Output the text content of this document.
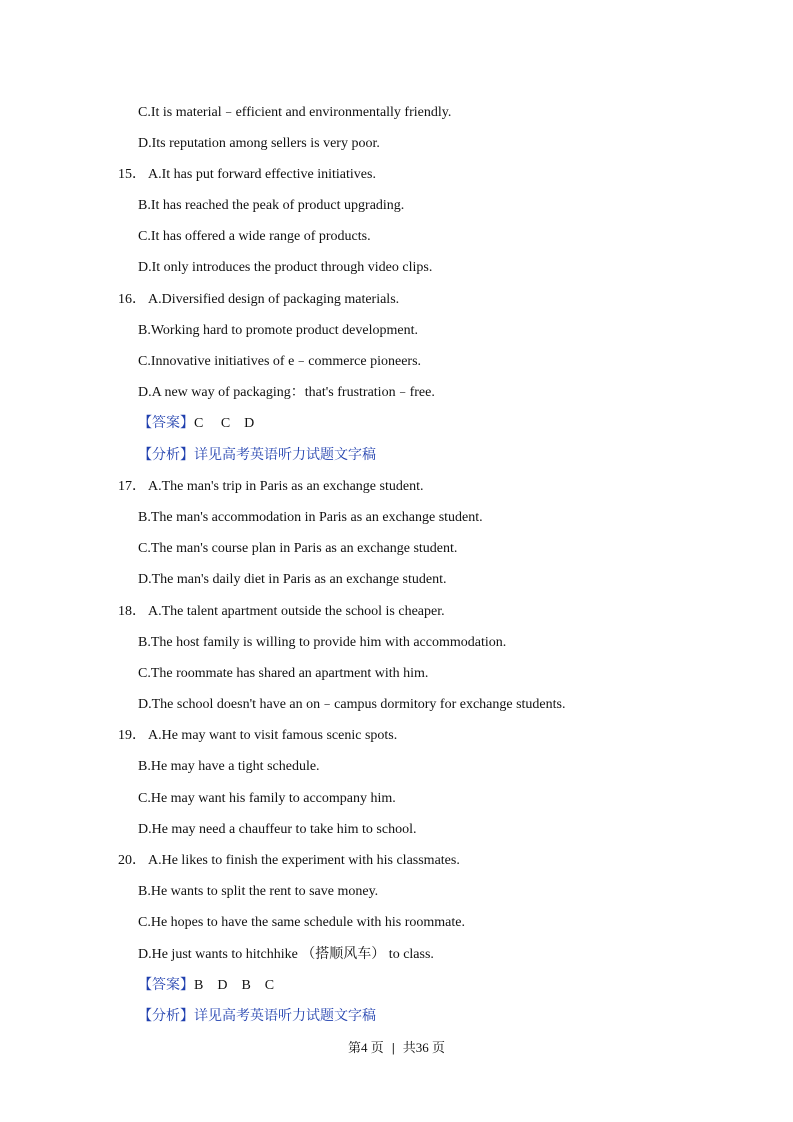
C.It is material﹣efficient and environmentally friendly.
D.Its reputation among sellers is very poor.
15． A.It has put forward effective initiatives.
B.It has reached the peak of product upgrading.
C.It has offered a wide range of products.
D.It only introduces the product through video clips.
16． A.Diversified design of packaging materials.
B.Working hard to promote product development.
C.Innovative initiatives of e﹣commerce pioneers.
D.A new way of packaging：that's frustration﹣free.
【答案】C　 C　D
【分析】详见高考英语听力试题文字稿
17． A.The man's trip in Paris as an exchange student.
B.The man's accommodation in Paris as an exchange student.
C.The man's course plan in Paris as an exchange student.
D.The man's daily diet in Paris as an exchange student.
18． A.The talent apartment outside the school is cheaper.
B.The host family is willing to provide him with accommodation.
C.The roommate has shared an apartment with him.
D.The school doesn't have an on﹣campus dormitory for exchange students.
19． A.He may want to visit famous scenic spots.
B.He may have a tight schedule.
C.He may want his family to accompany him.
D.He may need a chauffeur to take him to school.
20． A.He likes to finish the experiment with his classmates.
B.He wants to split the rent to save money.
C.He hopes to have the same schedule with his roommate.
D.He just wants to hitchhike （搭顺风车） to class.
【答案】B　D　B　C
【分析】详见高考英语听力试题文字稿
第4 页 | 共36 页
